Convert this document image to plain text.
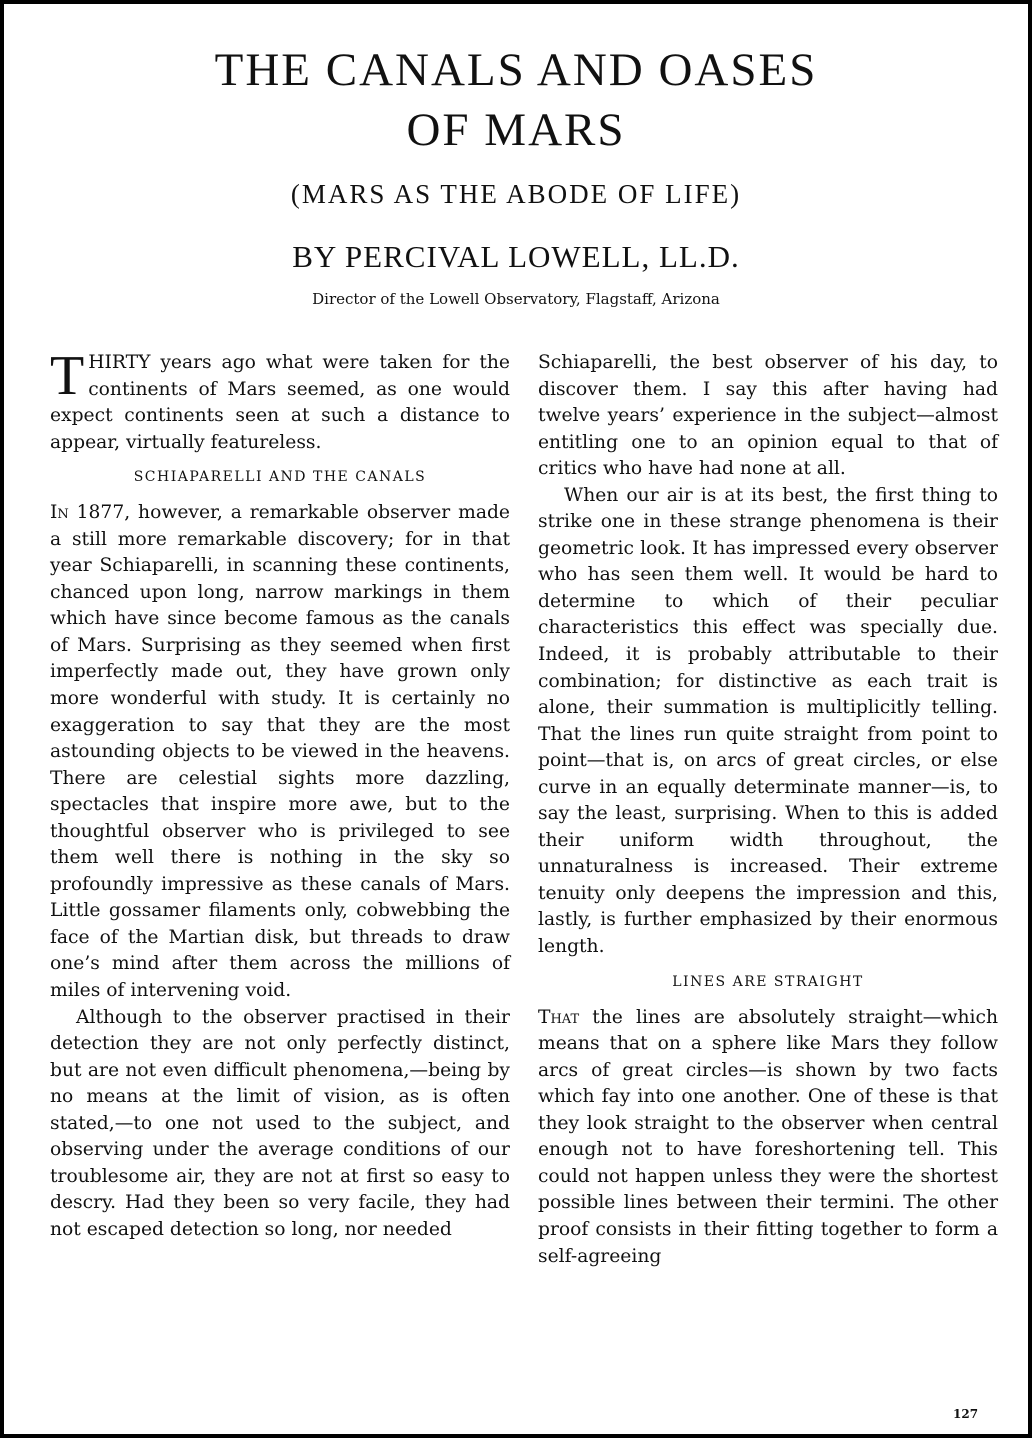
THE CANALS AND OASES
OF MARS
(MARS AS THE ABODE OF LIFE)
BY PERCIVAL LOWELL, LL.D.
Director of the Lowell Observatory, Flagstaff, Arizona

THIRTY years ago what were taken for the continents of Mars seemed, as one would expect continents seen at such a distance to appear, virtually featureless.

SCHIAPARELLI AND THE CANALS

In 1877, however, a remarkable observer made a still more remarkable discovery; for in that year Schiaparelli, in scanning these continents, chanced upon long, narrow markings in them which have since become famous as the canals of Mars. Surprising as they seemed when first imperfectly made out, they have grown only more wonderful with study. It is certainly no exaggeration to say that they are the most astounding objects to be viewed in the heavens. There are celestial sights more dazzling, spectacles that inspire more awe, but to the thoughtful observer who is privileged to see them well there is nothing in the sky so profoundly impressive as these canals of Mars. Little gossamer filaments only, cobwebbing the face of the Martian disk, but threads to draw one’s mind after them across the millions of miles of intervening void.

Although to the observer practised in their detection they are not only perfectly distinct, but are not even difficult phenomena,—being by no means at the limit of vision, as is often stated,—to one not used to the subject, and observing under the average conditions of our troublesome air, they are not at first so easy to descry. Had they been so very facile, they had not escaped detection so long, nor needed

Schiaparelli, the best observer of his day, to discover them. I say this after having had twelve years’ experience in the subject—almost entitling one to an opinion equal to that of critics who have had none at all.

When our air is at its best, the first thing to strike one in these strange phenomena is their geometric look. It has impressed every observer who has seen them well. It would be hard to determine to which of their peculiar characteristics this effect was specially due. Indeed, it is probably attributable to their combination; for distinctive as each trait is alone, their summation is multiplicitly telling. That the lines run quite straight from point to point—that is, on arcs of great circles, or else curve in an equally determinate manner—is, to say the least, surprising. When to this is added their uniform width throughout, the unnaturalness is increased. Their extreme tenuity only deepens the impression and this, lastly, is further emphasized by their enormous length.

LINES ARE STRAIGHT

That the lines are absolutely straight—which means that on a sphere like Mars they follow arcs of great circles—is shown by two facts which fay into one another. One of these is that they look straight to the observer when central enough not to have foreshortening tell. This could not happen unless they were the shortest possible lines between their termini. The other proof consists in their fitting together to form a self-agreeing

127
